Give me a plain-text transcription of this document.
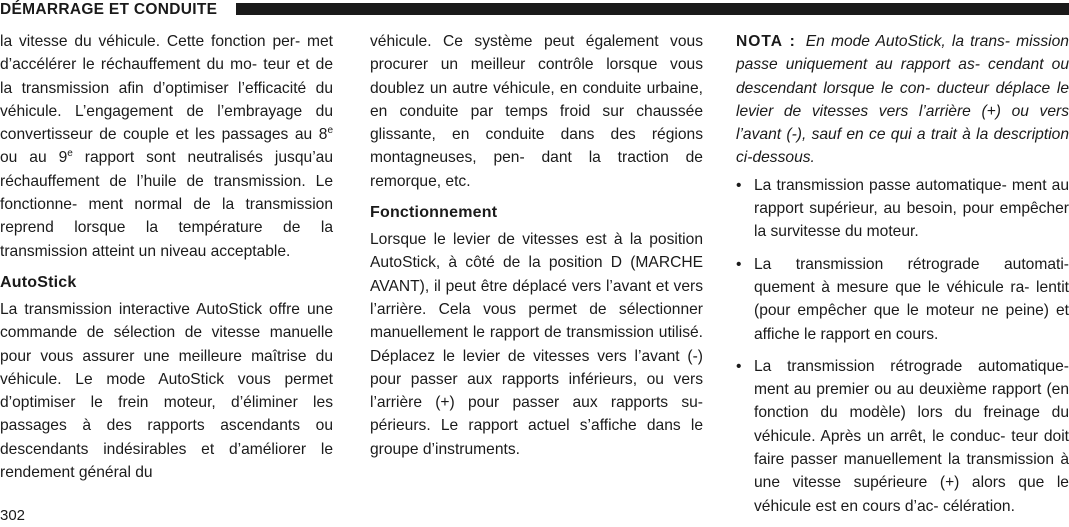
DÉMARRAGE ET CONDUITE

la vitesse du véhicule. Cette fonction per- met d’accélérer le réchauffement du mo- teur et de la transmission afin d’optimiser l’efficacité du véhicule. L’engagement de l’embrayage du convertisseur de couple et les passages au 8e ou au 9e rapport sont neutralisés jusqu’au réchauffement de l’huile de transmission. Le fonctionne- ment normal de la transmission reprend lorsque la température de la transmission atteint un niveau acceptable.

AutoStick

La transmission interactive AutoStick offre une commande de sélection de vitesse manuelle pour vous assurer une meilleure maîtrise du véhicule. Le mode AutoStick vous permet d’optimiser le frein moteur, d’éliminer les passages à des rapports ascendants ou descendants indésirables et d’améliorer le rendement général du

véhicule. Ce système peut également vous procurer un meilleur contrôle lorsque vous doublez un autre véhicule, en conduite urbaine, en conduite par temps froid sur chaussée glissante, en conduite dans des régions montagneuses, pen- dant la traction de remorque, etc.

Fonctionnement

Lorsque le levier de vitesses est à la position AutoStick, à côté de la position D (MARCHE AVANT), il peut être déplacé vers l’avant et vers l’arrière. Cela vous permet de sélectionner manuellement le rapport de transmission utilisé. Déplacez le levier de vitesses vers l’avant (-) pour passer aux rapports inférieurs, ou vers l’arrière (+) pour passer aux rapports su- périeurs. Le rapport actuel s’affiche dans le groupe d’instruments.

NOTA : En mode AutoStick, la trans- mission passe uniquement au rapport as- cendant ou descendant lorsque le con- ducteur déplace le levier de vitesses vers l’arrière (+) ou vers l’avant (-), sauf en ce qui a trait à la description ci-dessous.

• La transmission passe automatique- ment au rapport supérieur, au besoin, pour empêcher la survitesse du moteur.
• La transmission rétrograde automati- quement à mesure que le véhicule ra- lentit (pour empêcher que le moteur ne peine) et affiche le rapport en cours.
• La transmission rétrograde automatique- ment au premier ou au deuxième rapport (en fonction du modèle) lors du freinage du véhicule. Après un arrêt, le conduc- teur doit faire passer manuellement la transmission à une vitesse supérieure (+) alors que le véhicule est en cours d’ac- célération.
302
